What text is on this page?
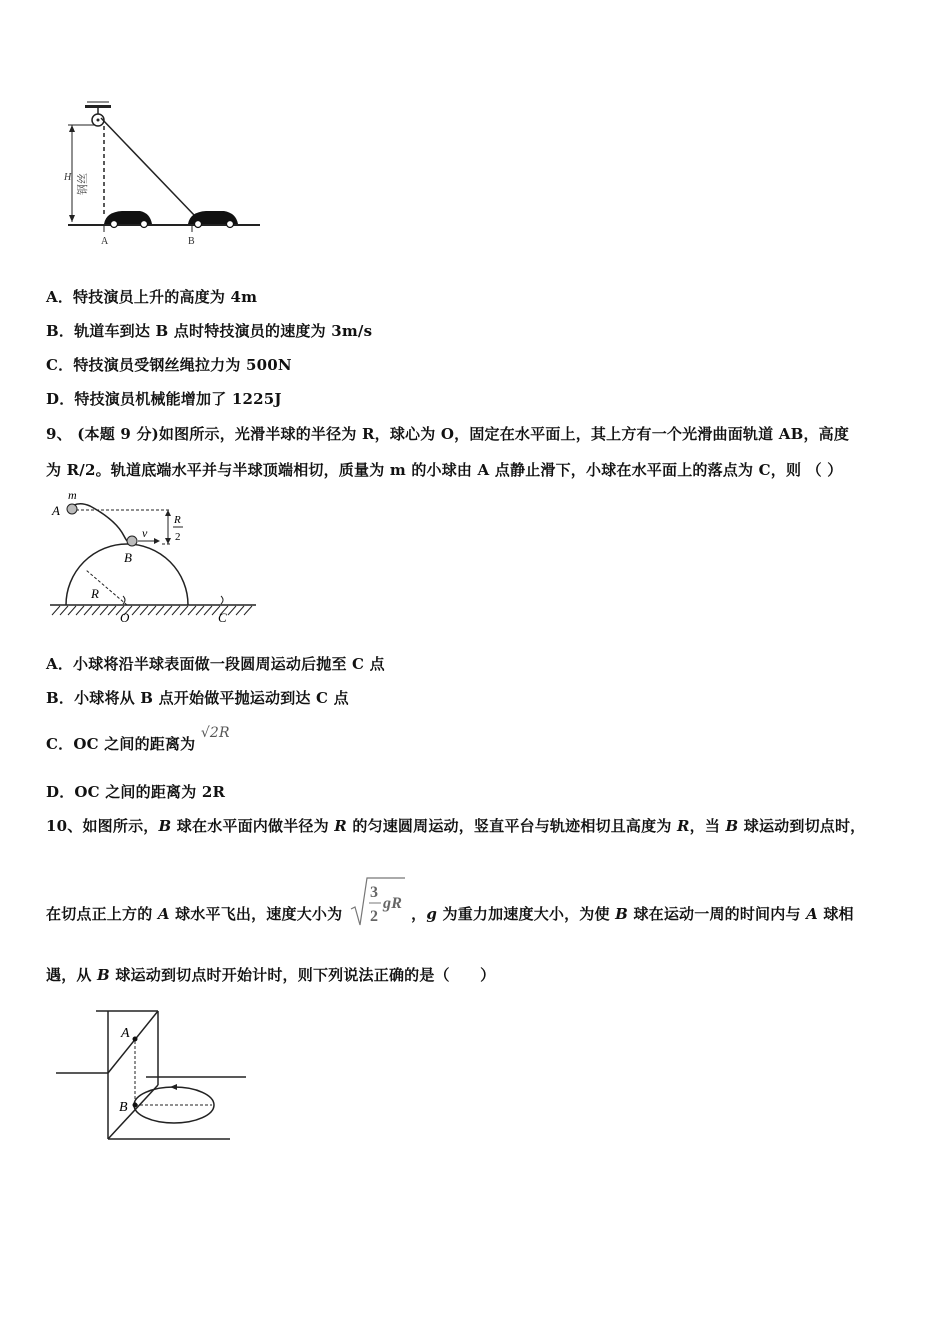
H 钢丝
A	B
A．特技演员上升的高度为 4m
B．轨道车到达 B 点时特技演员的速度为 3m/s
C．特技演员受钢丝绳拉力为 500N
D．特技演员机械能增加了 1225J
9、 (本题 9 分)如图所示，光滑半球的半径为 R，球心为 O，固定在水平面上，其上方有一个光滑曲面轨道 AB，高度
为 R/2。轨道底端水平并与半球顶端相切，质量为 m 的小球由 A 点静止滑下，小球在水平面上的落点为 C，则 （ ）
R
m
A
B
v
R
2
O	C
A．小球将沿半球表面做一段圆周运动后抛至 C 点
B．小球将从 B 点开始做平抛运动到达 C 点
C．OC 之间的距离为 √2R
D．OC 之间的距离为 2R
10、如图所示，B 球在水平面内做半径为 R 的匀速圆周运动，竖直平台与轨迹相切且高度为 R，当 B 球运动到切点时，
在切点正上方的 A 球水平飞出，速度大小为
3
2
gR
，g 为重力加速度大小，为使 B 球在运动一周的时间内与 A 球相
遇，从 B 球运动到切点时开始计时，则下列说法正确的是（　　）
A
B
